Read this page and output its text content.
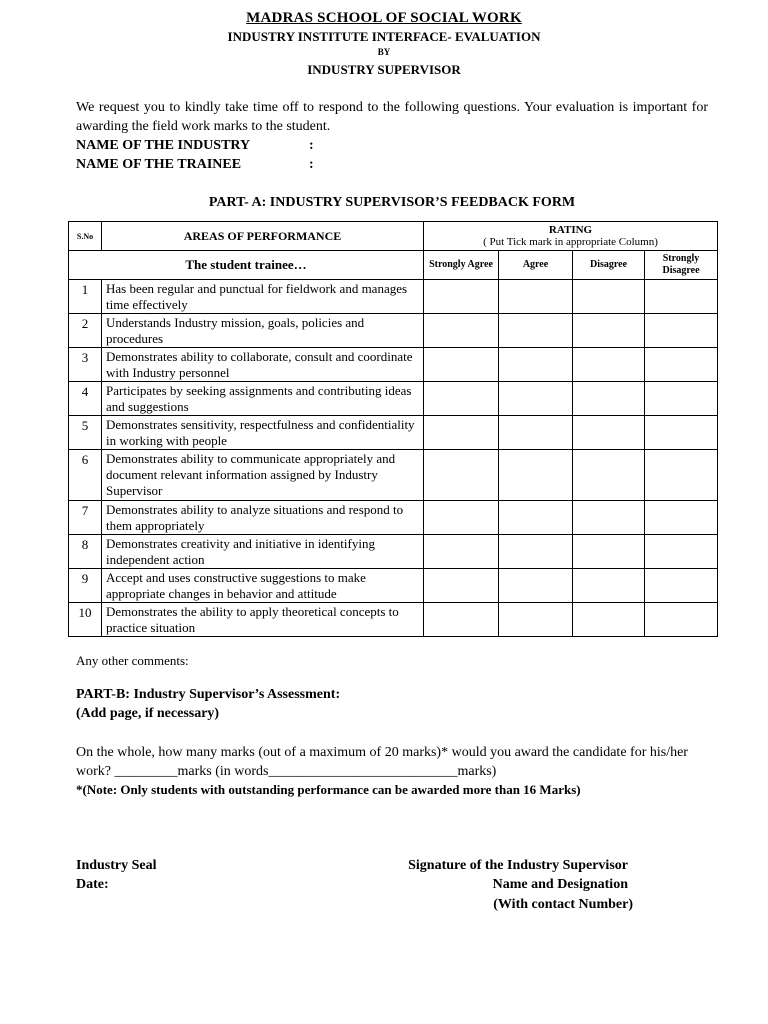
MADRAS SCHOOL OF SOCIAL WORK
INDUSTRY INSTITUTE INTERFACE- EVALUATION
BY
INDUSTRY SUPERVISOR
We request you to kindly take time off to respond to the following questions. Your evaluation is important for awarding the field work marks to the student.
NAME OF THE INDUSTRY	:
NAME OF THE TRAINEE	:
PART- A: INDUSTRY SUPERVISOR’S FEEDBACK FORM
S.No	AREAS OF PERFORMANCE	RATING
( Put Tick mark in appropriate Column)			

The student trainee…		Strongly Agree	Agree	Disagree	Strongly Disagree
1	Has been regular and punctual for fieldwork and manages time effectively				
2	Understands Industry mission, goals, policies and procedures				
3	Demonstrates ability to collaborate, consult and coordinate with Industry personnel				
4	Participates by seeking assignments and contributing ideas and suggestions				
5	Demonstrates sensitivity, respectfulness and confidentiality in working with people				
6	Demonstrates ability to communicate appropriately and document relevant information assigned by Industry Supervisor				
7	Demonstrates ability to analyze situations and respond to them appropriately				
8	Demonstrates creativity and initiative in identifying independent action				
9	Accept and uses constructive suggestions to make appropriate changes in behavior and attitude				
10	Demonstrates the ability to apply theoretical concepts to practice situation				
Any other comments:
PART-B: Industry Supervisor’s Assessment:
(Add page, if necessary)
On the whole, how many marks (out of a maximum of 20 marks)* would you award the candidate for his/her work? _________marks (in words___________________________marks)
*(Note: Only students with outstanding performance can be awarded more than 16 Marks)
Industry Seal
Date:
Signature of the Industry Supervisor
Name and Designation
(With contact Number)
